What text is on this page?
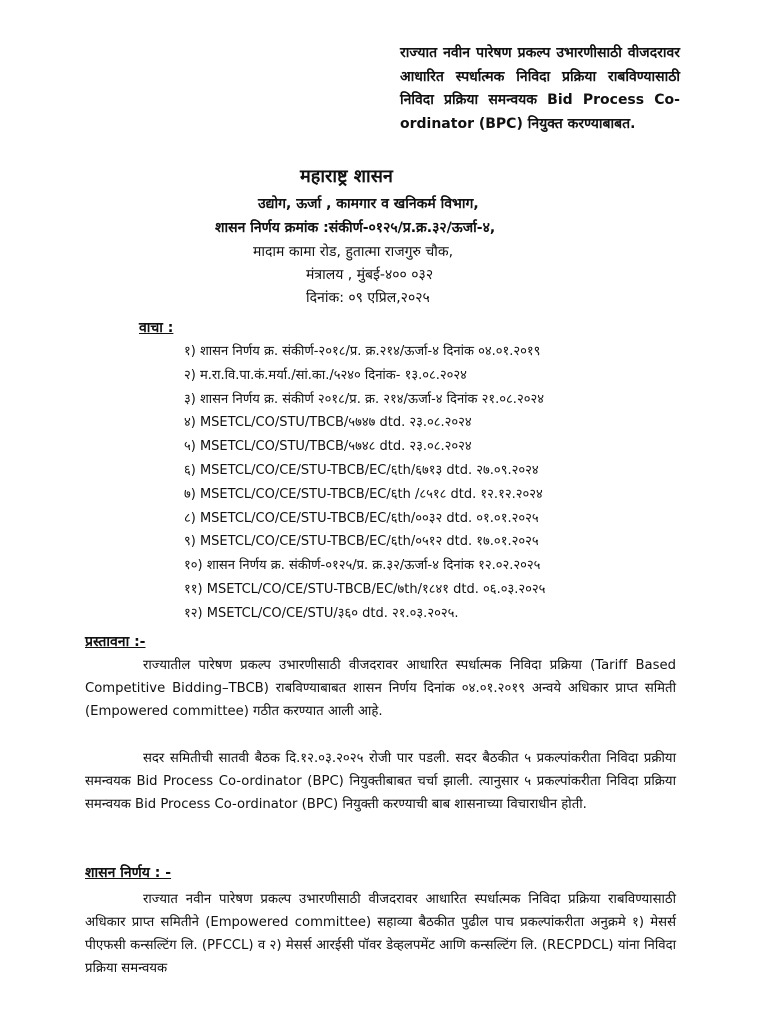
राज्यात नवीन पारेषण प्रकल्प उभारणीसाठी वीजदरावर आधारित स्पर्धात्मक निविदा प्रक्रिया राबविण्यासाठी निविदा प्रक्रिया समन्वयक Bid Process Co-ordinator (BPC) नियुक्त करण्याबाबत.
महाराष्ट्र शासन
उद्योग, ऊर्जा , कामगार व खनिकर्म विभाग,
शासन निर्णय क्रमांक :संकीर्ण-०१२५/प्र.क्र.३२/ऊर्जा-४,
मादाम कामा रोड, हुतात्मा राजगुरु चौक,
मंत्रालय , मुंबई-४०० ०३२
दिनांक: ०९ एप्रिल,२०२५
वाचा :
१) शासन निर्णय क्र. संकीर्ण-२०१८/प्र. क्र.२१४/ऊर्जा-४ दिनांक ०४.०१.२०१९
२) म.रा.वि.पा.कं.मर्या./सां.का./५२४० दिनांक- १३.०८.२०२४
३) शासन निर्णय क्र. संकीर्ण २०१८/प्र. क्र. २१४/ऊर्जा-४ दिनांक २१.०८.२०२४
४) MSETCL/CO/STU/TBCB/५७४७ dtd. २३.०८.२०२४
५) MSETCL/CO/STU/TBCB/५७४८ dtd. २३.०८.२०२४
६) MSETCL/CO/CE/STU-TBCB/EC/६th/६७१३ dtd. २७.०९.२०२४
७) MSETCL/CO/CE/STU-TBCB/EC/६th /८५१८ dtd. १२.१२.२०२४
८) MSETCL/CO/CE/STU-TBCB/EC/६th/००३२ dtd. ०१.०१.२०२५
९) MSETCL/CO/CE/STU-TBCB/EC/६th/०५१२ dtd. १७.०१.२०२५
१०) शासन निर्णय क्र. संकीर्ण-०१२५/प्र. क्र.३२/ऊर्जा-४ दिनांक १२.०२.२०२५
११) MSETCL/CO/CE/STU-TBCB/EC/७th/१८४१ dtd. ०६.०३.२०२५
१२) MSETCL/CO/CE/STU/३६० dtd. २१.०३.२०२५.
प्रस्तावना :-

राज्यातील पारेषण प्रकल्प उभारणीसाठी वीजदरावर आधारित स्पर्धात्मक निविदा प्रक्रिया (Tariff Based Competitive Bidding–TBCB) राबविण्याबाबत शासन निर्णय दिनांक ०४.०१.२०१९ अन्वये अधिकार प्राप्त समिती (Empowered committee) गठीत करण्यात आली आहे.

सदर समितीची सातवी बैठक दि.१२.०३.२०२५ रोजी पार पडली. सदर बैठकीत ५ प्रकल्पांकरीता निविदा प्रक्रीया समन्वयक Bid Process Co-ordinator (BPC) नियुक्तीबाबत चर्चा झाली. त्यानुसार ५ प्रकल्पांकरीता निविदा प्रक्रिया समन्वयक Bid Process Co-ordinator (BPC) नियुक्ती करण्याची बाब शासनाच्या विचाराधीन होती.

शासन निर्णय : -

राज्यात नवीन पारेषण प्रकल्प उभारणीसाठी वीजदरावर आधारित स्पर्धात्मक निविदा प्रक्रिया राबविण्यासाठी अधिकार प्राप्त समितीने (Empowered committee) सहाव्या बैठकीत पुढील पाच प्रकल्पांकरीता अनुक्रमे १) मेसर्स पीएफसी कन्सल्टिंग लि. (PFCCL) व २) मेसर्स आरईसी पॉवर डेव्हलपमेंट आणि कन्सल्टिंग लि. (RECPDCL) यांना निविदा प्रक्रिया समन्वयक
